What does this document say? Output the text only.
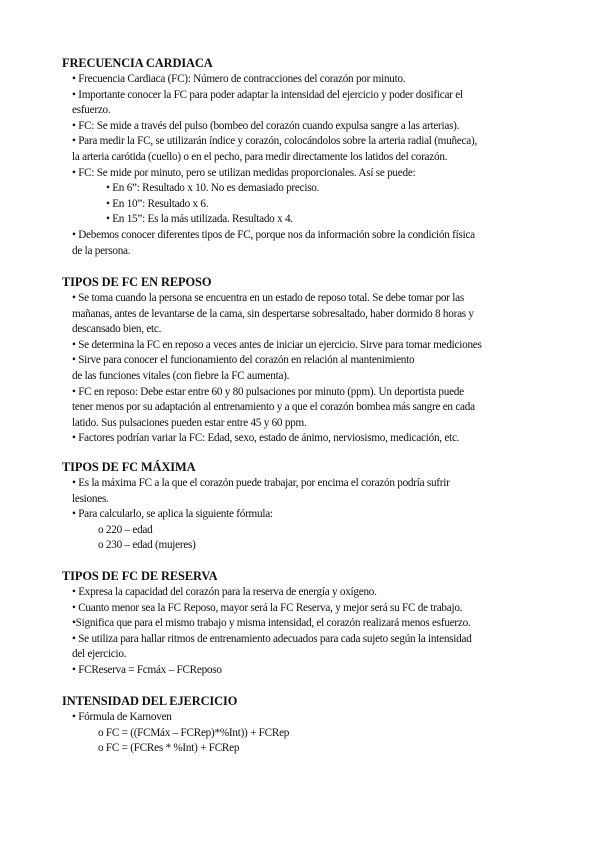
FRECUENCIA CARDIACA
• Frecuencia Cardiaca (FC): Número de contracciones del corazón por minuto.
• Importante conocer la FC para poder adaptar la intensidad del ejercicio y poder dosificar el
esfuerzo.
• FC: Se mide a través del pulso (bombeo del corazón cuando expulsa sangre a las arterias).
• Para medir la FC, se utilizarán índice y corazón, colocándolos sobre la arteria radial (muñeca),
la arteria carótida (cuello) o en el pecho, para medir directamente los latidos del corazón.
• FC: Se mide por minuto, pero se utilizan medidas proporcionales. Así se puede:
• En 6”: Resultado x 10. No es demasiado preciso.
• En 10”: Resultado x 6.
• En 15”: Es la más utilizada. Resultado x 4.
• Debemos conocer diferentes tipos de FC, porque nos da información sobre la condición física
de la persona.
TIPOS DE FC EN REPOSO
• Se toma cuando la persona se encuentra en un estado de reposo total. Se debe tomar por las
mañanas, antes de levantarse de la cama, sin despertarse sobresaltado, haber dormido 8 horas y
descansado bien, etc.
• Se determina la FC en reposo a veces antes de iniciar un ejercicio. Sirve para tomar mediciones
• Sirve para conocer el funcionamiento del corazón en relación al mantenimiento
de las funciones vitales (con fiebre la FC aumenta).
• FC en reposo: Debe estar entre 60 y 80 pulsaciones por minuto (ppm). Un deportista puede
tener menos por su adaptación al entrenamiento y a que el corazón bombea más sangre en cada
latido. Sus pulsaciones pueden estar entre 45 y 60 ppm.
• Factores podrían variar la FC: Edad, sexo, estado de ánimo, nerviosismo, medicación, etc.
TIPOS DE FC MÁXIMA
• Es la máxima FC a la que el corazón puede trabajar, por encima el corazón podría sufrir
lesiones.
• Para calcularlo, se aplica la siguiente fórmula:
o 220 – edad
o 230 – edad (mujeres)
TIPOS DE FC DE RESERVA
• Expresa la capacidad del corazón para la reserva de energía y oxígeno.
• Cuanto menor sea la FC Reposo, mayor será la FC Reserva, y mejor será su FC de trabajo.
•Significa que para el mismo trabajo y misma intensidad, el corazón realizará menos esfuerzo.
• Se utiliza para hallar ritmos de entrenamiento adecuados para cada sujeto según la intensidad
del ejercicio.
• FCReserva = Fcmáx – FCReposo
INTENSIDAD DEL EJERCICIO
• Fórmula de Karnoven
o FC = ((FCMáx – FCRep)*%Int)) + FCRep
o FC = (FCRes * %Int) + FCRep
